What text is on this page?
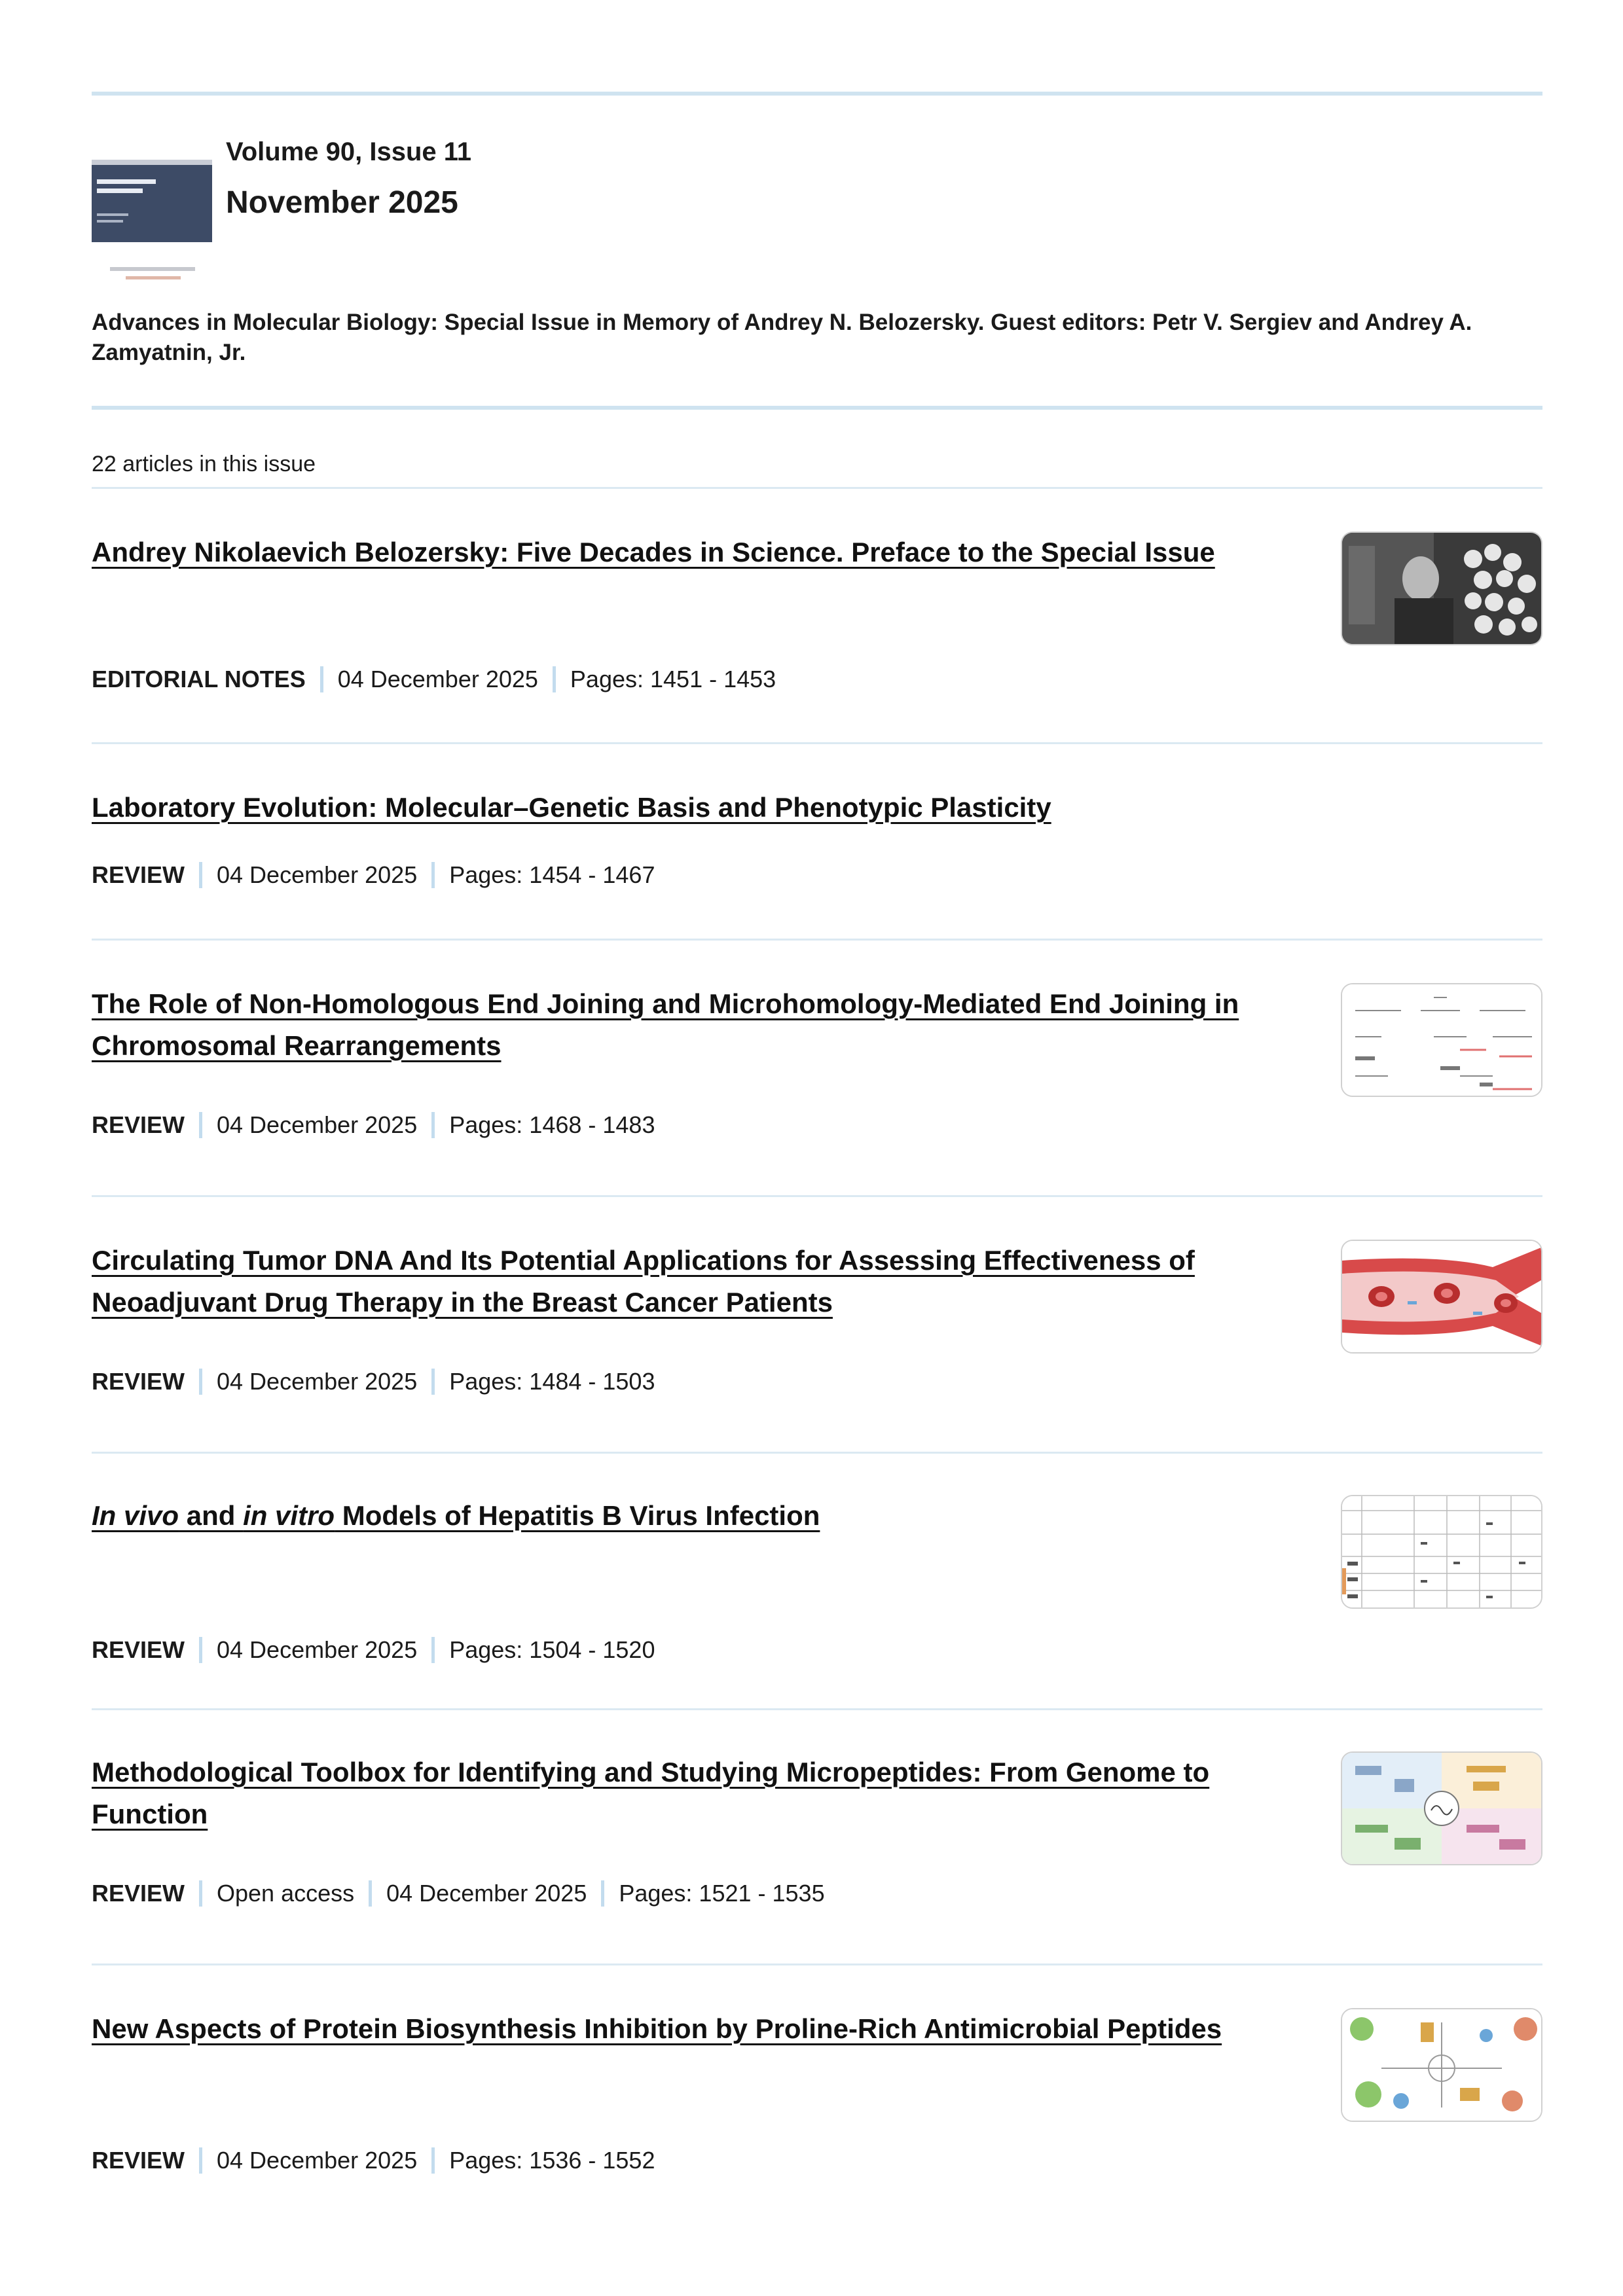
Volume 90, Issue 11
November 2025
Advances in Molecular Biology: Special Issue in Memory of Andrey N. Belozersky. Guest editors: Petr V. Sergiev and Andrey A. Zamyatnin, Jr.
22 articles in this issue
Andrey Nikolaevich Belozersky: Five Decades in Science. Preface to the Special Issue
EDITORIAL NOTES 04 December 2025 Pages: 1451 - 1453
Laboratory Evolution: Molecular–Genetic Basis and Phenotypic Plasticity
REVIEW 04 December 2025 Pages: 1454 - 1467
The Role of Non-Homologous End Joining and Microhomology-Mediated End Joining in Chromosomal Rearrangements
REVIEW 04 December 2025 Pages: 1468 - 1483
Circulating Tumor DNA And Its Potential Applications for Assessing Effectiveness of Neoadjuvant Drug Therapy in the Breast Cancer Patients
REVIEW 04 December 2025 Pages: 1484 - 1503
In vivo and in vitro Models of Hepatitis B Virus Infection
REVIEW 04 December 2025 Pages: 1504 - 1520
Methodological Toolbox for Identifying and Studying Micropeptides: From Genome to Function
REVIEW Open access 04 December 2025 Pages: 1521 - 1535
New Aspects of Protein Biosynthesis Inhibition by Proline-Rich Antimicrobial Peptides
REVIEW 04 December 2025 Pages: 1536 - 1552
